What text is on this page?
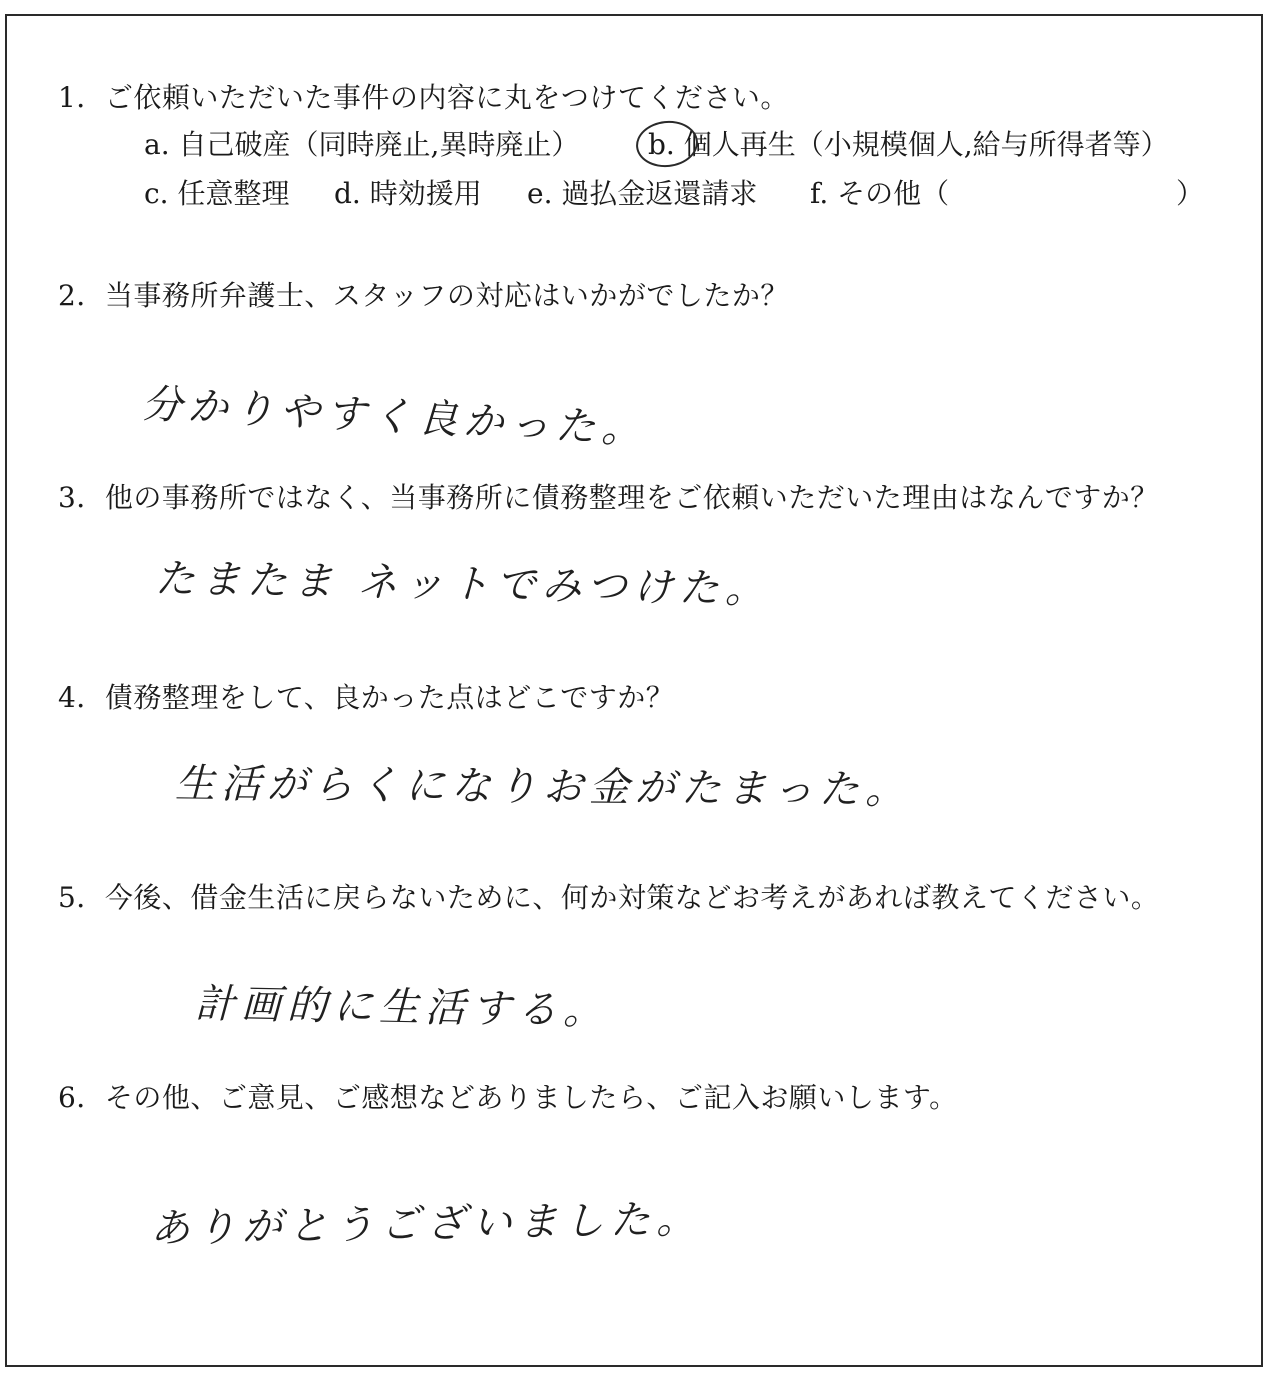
1．ご依頼いただいた事件の内容に丸をつけてください。
a. 自己破産（同時廃止,異時廃止） b. 個人再生（小規模個人,給与所得者等）
c. 任意整理 d. 時効援用 e. 過払金返還請求 f. その他（	）
2．当事務所弁護士、スタッフの対応はいかがでしたか？
分かりやすく良かった。
3．他の事務所ではなく、当事務所に債務整理をご依頼いただいた理由はなんですか？
たまたま ネットでみつけた。
4．債務整理をして、良かった点はどこですか？
生活がらくになりお金がたまった。
5．今後、借金生活に戻らないために、何か対策などお考えがあれば教えてください。
計画的に生活する。
6．その他、ご意見、ご感想などありましたら、ご記入お願いします。
ありがとうございました。
